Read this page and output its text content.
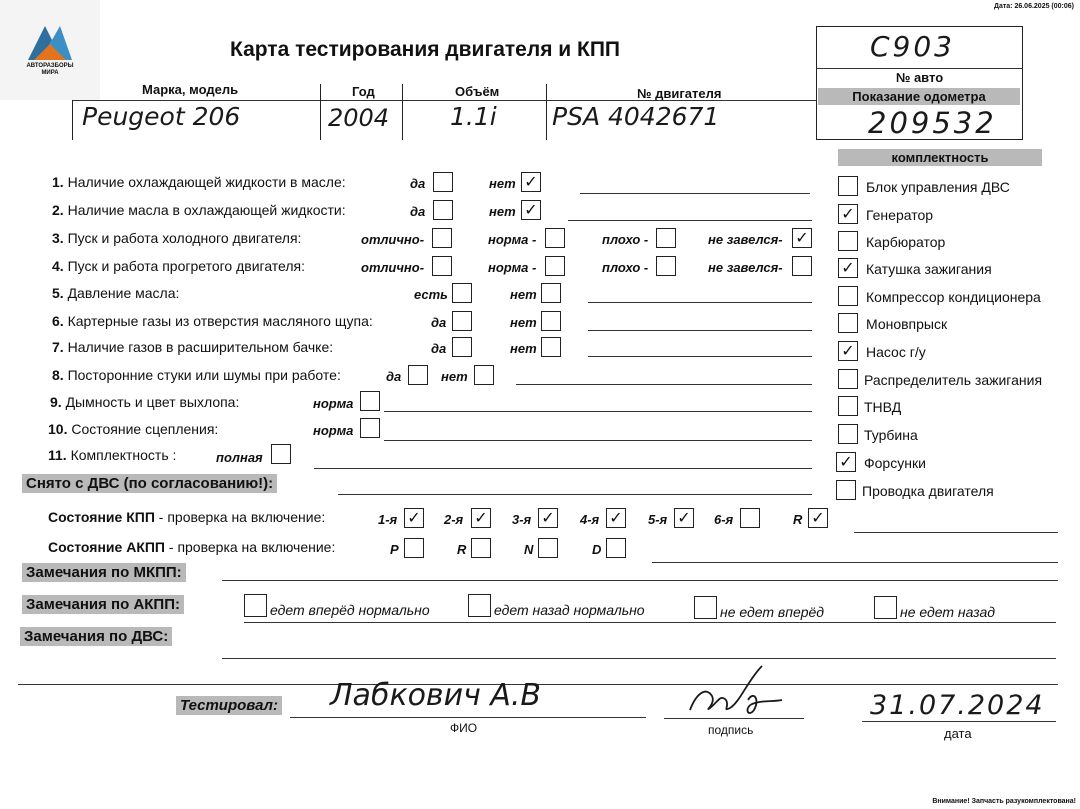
Дата: 26.06.2025 (00:06)
АВТОРАЗБОРЫ
МИРА
Карта тестирования двигателя и КПП	C903
№ авто
Показание одометра
209532
Марка, модель	Год	Объём	№ двигателя
Peugeot 206	2004 1.1i PSA 4042671
1. Наличие охлаждающей жидкости в масле:	да	нет ✓
2. Наличие масла в охлаждающей жидкости:	да	нет ✓
3. Пуск и работа холодного двигателя:	отлично-	норма -	плохо -	не завелся- ✓
4. Пуск и работа прогретого двигателя:	отлично-	норма -	плохо -	не завелся-
5. Давление масла:	есть	нет
6. Картерные газы из отверстия масляного щупа:	да	нет
7. Наличие газов в расширительном бачке:	да	нет
8. Посторонние стуки или шумы при работе:	да	нет
9. Дымность и цвет выхлопа:	норма
10. Состояние сцепления:	норма
11. Комплектность :	полная
комплектность
Блок управления ДВС
✓ Генератор
Карбюратор
✓ Катушка зажигания
Компрессор кондиционера
Моновпрыск
✓ Насос г/у
Распределитель зажигания
ТНВД
Турбина
✓ Форсунки
Проводка двигателя
Снято с ДВС (по согласованию!):
Состояние КПП - проверка на включение:	1-я ✓ 2-я ✓ 3-я ✓ 4-я ✓ 5-я ✓ 6-я	R ✓
Состояние АКПП - проверка на включение:	P	R	N	D
Замечания по МКПП:
Замечания по АКПП:	едет вперёд нормально	едет назад нормально	не едет вперёд	не едет назад
Замечания по ДВС:
Тестировал: Лабкович А.В
ФИО	подпись
31.07.2024
дата
Внимание! Запчасть разукомплектована!
